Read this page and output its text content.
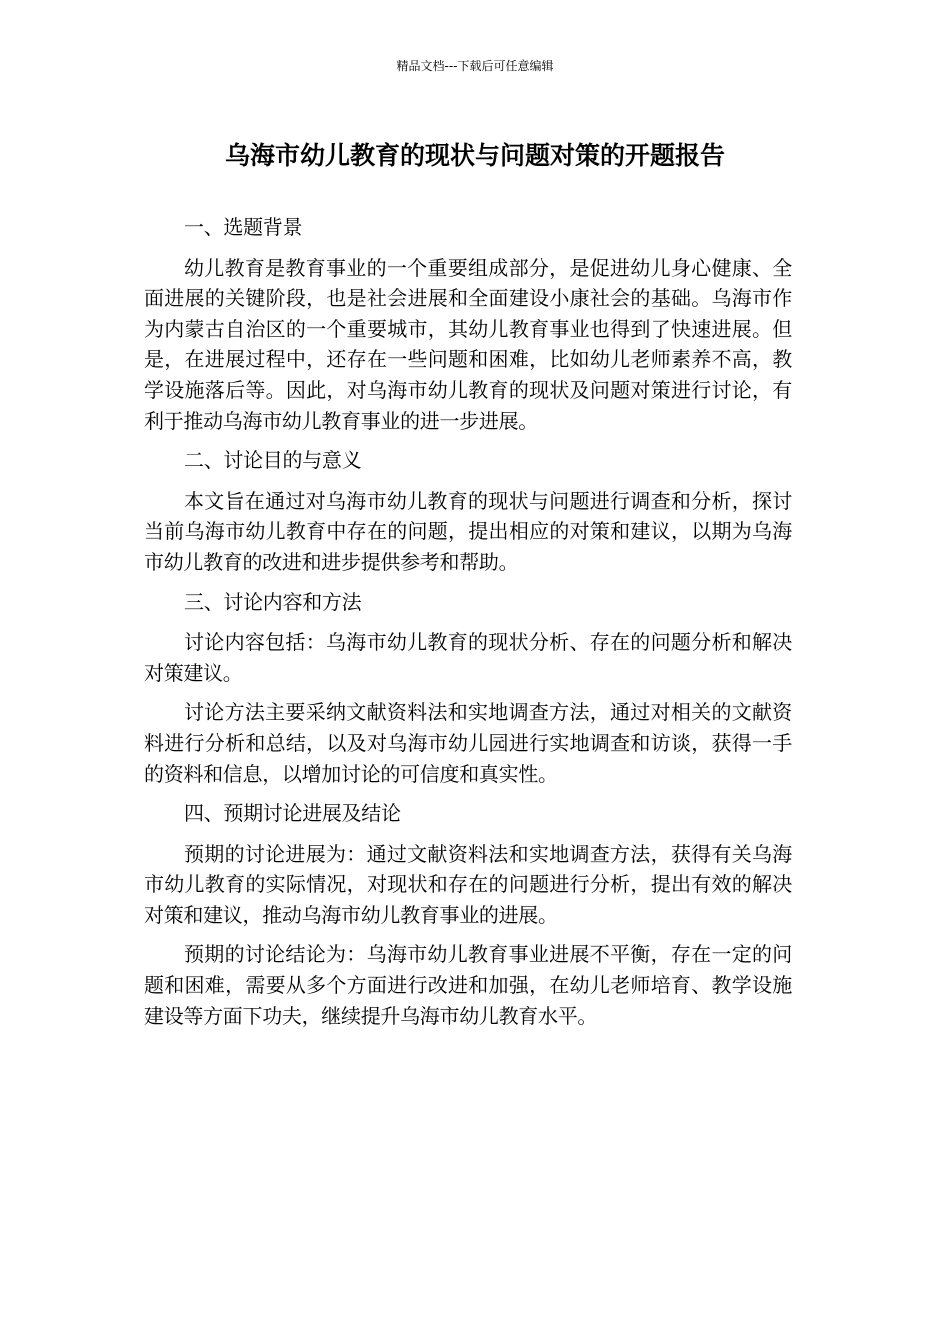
精品文档---下载后可任意编辑
乌海市幼儿教育的现状与问题对策的开题报告

一、选题背景

幼儿教育是教育事业的一个重要组成部分，是促进幼儿身心健康、全面进展的关键阶段，也是社会进展和全面建设小康社会的基础。乌海市作为内蒙古自治区的一个重要城市，其幼儿教育事业也得到了快速进展。但是，在进展过程中，还存在一些问题和困难，比如幼儿老师素养不高，教学设施落后等。因此，对乌海市幼儿教育的现状及问题对策进行讨论，有利于推动乌海市幼儿教育事业的进一步进展。

二、讨论目的与意义

本文旨在通过对乌海市幼儿教育的现状与问题进行调查和分析，探讨当前乌海市幼儿教育中存在的问题，提出相应的对策和建议，以期为乌海市幼儿教育的改进和进步提供参考和帮助。

三、讨论内容和方法

讨论内容包括：乌海市幼儿教育的现状分析、存在的问题分析和解决对策建议。

讨论方法主要采纳文献资料法和实地调查方法，通过对相关的文献资料进行分析和总结，以及对乌海市幼儿园进行实地调查和访谈，获得一手的资料和信息，以增加讨论的可信度和真实性。

四、预期讨论进展及结论

预期的讨论进展为：通过文献资料法和实地调查方法，获得有关乌海市幼儿教育的实际情况，对现状和存在的问题进行分析，提出有效的解决对策和建议，推动乌海市幼儿教育事业的进展。

预期的讨论结论为：乌海市幼儿教育事业进展不平衡，存在一定的问题和困难，需要从多个方面进行改进和加强，在幼儿老师培育、教学设施建设等方面下功夫，继续提升乌海市幼儿教育水平。
